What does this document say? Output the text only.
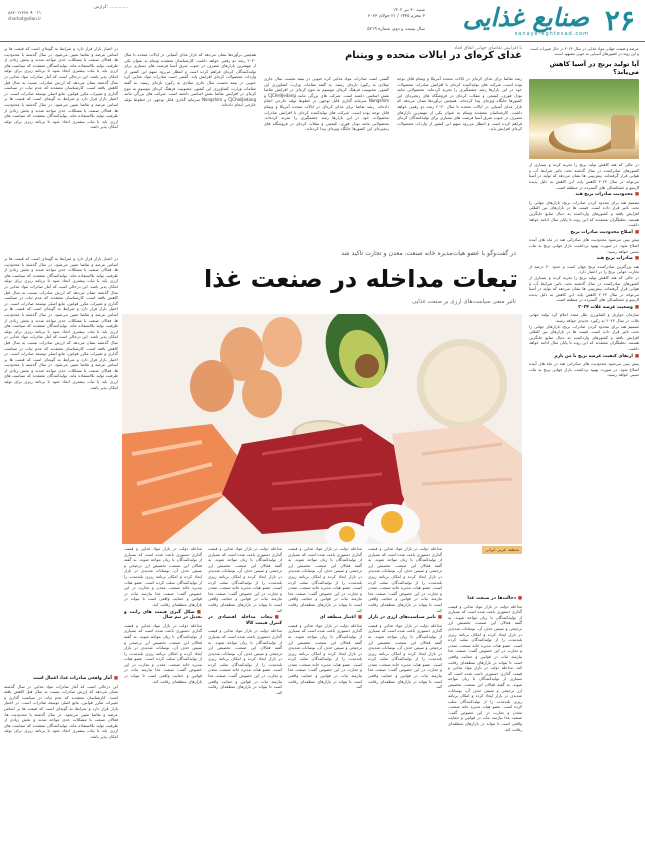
۲۶
صنایع غذایی
sanaye-eghtesad.com
شنبه ۳۰ تیر ۱۴۰۲
۳ محرم ۱۴۴۵ / ۲۱ جولای ۲۰۲۳
سال بیست و دوم، شماره ۵۲۱۹
گزارش: ..............
۸۸۷۰۱۲۷۶۸ ⁕ ۰۲۱
sharkat@dian.ir
عرضه و قیمت جهانی مواد غذایی در سال ۲۰۲۴ در حال تغییرات است و این روند در کشورهای آسیایی به خوبی مشهود است.
آیا تولید برنج در آسیا کاهش می‌یابد؟
در حالی که هند کاهش تولید برنج را تجربه کرده و بسیاری از کشورهای صادرکننده در سال گذشته تحت تاثیر شرایط آب و هوایی قرار گرفته‌اند، پیش‌بینی ها نشان می‌دهد که تولید در آسیا می‌تواند در سال ۲۰۲۴ کاهش یابد. این کاهش به دلیل پدیده ال‌نینو و خشکسالی های گسترده در منطقه است.
■محدودیت صادرات برنج هند
تصمیم هند برای محدود کردن صادرات برنج، بازارهای جهانی را تحت تاثیر قرار داده است. قیمت ها در بازارهای بین المللی افزایش یافته و کشورهای واردکننده به دنبال منابع جایگزین هستند. تحلیلگران معتقدند که این روند تا پایان سال ادامه خواهد داشت.
■اصلاح محدودیت صادرات برنج
پیش بینی می‌شود محدودیت های صادراتی هند در ماه های آینده اصلاح شود. در صورت بهبود برداشت، بازار جهانی برنج به ثبات نسبی خواهد رسید.
■صادرات برنج هند
هند بزرگترین صادرکننده برنج جهان است و حدود ۴۰ درصد از تجارت جهانی برنج را در اختیار دارد.
در حالی که هند کاهش تولید برنج را تجربه کرده و بسیاری از کشورهای صادرکننده در سال گذشته تحت تاثیر شرایط آب و هوایی قرار گرفته‌اند، پیش‌بینی ها نشان می‌دهد که تولید در آسیا می‌تواند در سال ۲۰۲۴ کاهش یابد. این کاهش به دلیل پدیده ال‌نینو و خشکسالی های گسترده در منطقه است.
■وضعیت عرضه غلات ۲۰۲۴
سازمان خواربار و کشاورزی ملل متحد اعلام کرد تولید جهانی غلات در سال ۲۰۲۴ به رکورد جدیدی خواهد رسید.
تصمیم هند برای محدود کردن صادرات برنج، بازارهای جهانی را تحت تاثیر قرار داده است. قیمت ها در بازارهای بین المللی افزایش یافته و کشورهای واردکننده به دنبال منابع جایگزین هستند. تحلیلگران معتقدند که این روند تا پایان سال ادامه خواهد داشت.
■ارتقای کیفیت عرضه برنج با من بازم
پیش بینی می‌شود محدودیت های صادراتی هند در ماه های آینده اصلاح شود. در صورت بهبود برداشت، بازار جهانی برنج به ثبات نسبی خواهد رسید.
با افزایش تقاضای جهانی اتفاق افتاد
غذای کره‌ای در ایالات متحده و ویتنام
رشد تقاضا برای غذای کره‌ای در ایالات متحده آمریکا و ویتنام قابل توجه بوده است. شرکت های تولیدکننده کره‌ای با افزایش صادرات محصولات خود در این بازارها رشد چشمگیری را تجربه کرده‌اند. محصولاتی مانند نودل فوری، کیمچی و تنقلات کره‌ای در فروشگاه های زنجیره‌ای این کشورها جایگاه ویژه‌ای پیدا کرده‌اند. همچنین برآوردها نشان می‌دهد که بازار غذای آسیایی در ایالات متحده تا سال ۲۰۳۰ رشد دو رقمی خواهد داشت. کارشناسان معتقدند ویتنام به عنوان یکی از مهمترین بازارهای مصرف در جنوب شرق آسیا فرصت های بسیاری برای تولیدکنندگان کره‌ای فراهم کرده است و انتظار می‌رود سهم این کشور از واردات محصولات کره‌ای افزایش یابد.
گفتنی است صادرات مواد غذایی کره جنوبی در نیمه نخست سال جاری میلادی به رکورد تازه‌ای رسید. به گفته مقامات وزارت کشاورزی این کشور، محبوبیت فرهنگ کره‌ای موسوم به موج کره‌ای در افزایش تقاضا نقش اساسی داشته است. شرکت های بزرگی مانند CJCheilJedang و Nongshim سرمایه گذاری قابل توجهی در خطوط تولید خارجی انجام داده‌اند. رشد تقاضا برای غذای کره‌ای در ایالات متحده آمریکا و ویتنام قابل توجه بوده است. شرکت های تولیدکننده کره‌ای با افزایش صادرات محصولات خود در این بازارها رشد چشمگیری را تجربه کرده‌اند. محصولاتی مانند نودل فوری، کیمچی و تنقلات کره‌ای در فروشگاه های زنجیره‌ای این کشورها جایگاه ویژه‌ای پیدا کرده‌اند.
همچنین برآوردها نشان می‌دهد که بازار غذای آسیایی در ایالات متحده تا سال ۲۰۳۰ رشد دو رقمی خواهد داشت. کارشناسان معتقدند ویتنام به عنوان یکی از مهمترین بازارهای مصرف در جنوب شرق آسیا فرصت های بسیاری برای تولیدکنندگان کره‌ای فراهم کرده است و انتظار می‌رود سهم این کشور از واردات محصولات کره‌ای افزایش یابد. گفتنی است صادرات مواد غذایی کره جنوبی در نیمه نخست سال جاری میلادی به رکورد تازه‌ای رسید. به گفته مقامات وزارت کشاورزی این کشور، محبوبیت فرهنگ کره‌ای موسوم به موج کره‌ای در افزایش تقاضا نقش اساسی داشته است. شرکت های بزرگی مانند CJCheilJedang و Nongshim سرمایه گذاری قابل توجهی در خطوط تولید خارجی انجام داده‌اند.
در اختیار بازار قرار دارد و شرایط به گونه‌ای است که قیمت ها بر اساس عرضه و تقاضا تعیین می‌شود. در سال گذشته با محدودیت ها، فعالان صنعت با مشکلات جدی مواجه شدند و بخش زیادی از ظرفیت تولید بلااستفاده ماند. تولیدکنندگان معتقدند که سیاست های ارزی باید با ثبات بیشتری اتخاذ شود تا برنامه ریزی برای تولید امکان پذیر باشد. این درحالی است که آمار صادرات مواد غذایی در سال گذشته نشان می‌دهد که ارزش صادرات نسبت به سال قبل کاهش یافته است. کارشناسان معتقدند که عدم ثبات در سیاست گذاری و تغییرات مکرر قوانین، مانع اصلی توسعه صادرات است. در اختیار بازار قرار دارد و شرایط به گونه‌ای است که قیمت ها بر اساس عرضه و تقاضا تعیین می‌شود. در سال گذشته با محدودیت ها، فعالان صنعت با مشکلات جدی مواجه شدند و بخش زیادی از ظرفیت تولید بلااستفاده ماند. تولیدکنندگان معتقدند که سیاست های ارزی باید با ثبات بیشتری اتخاذ شود تا برنامه ریزی برای تولید امکان پذیر باشد.
در اختیار بازار قرار دارد و شرایط به گونه‌ای است که قیمت ها بر اساس عرضه و تقاضا تعیین می‌شود. در سال گذشته با محدودیت ها، فعالان صنعت با مشکلات جدی مواجه شدند و بخش زیادی از ظرفیت تولید بلااستفاده ماند. تولیدکنندگان معتقدند که سیاست های ارزی باید با ثبات بیشتری اتخاذ شود تا برنامه ریزی برای تولید امکان پذیر باشد. این درحالی است که آمار صادرات مواد غذایی در سال گذشته نشان می‌دهد که ارزش صادرات نسبت به سال قبل کاهش یافته است. کارشناسان معتقدند که عدم ثبات در سیاست گذاری و تغییرات مکرر قوانین، مانع اصلی توسعه صادرات است. در اختیار بازار قرار دارد و شرایط به گونه‌ای است که قیمت ها بر اساس عرضه و تقاضا تعیین می‌شود. در سال گذشته با محدودیت ها، فعالان صنعت با مشکلات جدی مواجه شدند و بخش زیادی از ظرفیت تولید بلااستفاده ماند. تولیدکنندگان معتقدند که سیاست های ارزی باید با ثبات بیشتری اتخاذ شود تا برنامه ریزی برای تولید امکان پذیر باشد. این درحالی است که آمار صادرات مواد غذایی در سال گذشته نشان می‌دهد که ارزش صادرات نسبت به سال قبل کاهش یافته است. کارشناسان معتقدند که عدم ثبات در سیاست گذاری و تغییرات مکرر قوانین، مانع اصلی توسعه صادرات است. در اختیار بازار قرار دارد و شرایط به گونه‌ای است که قیمت ها بر اساس عرضه و تقاضا تعیین می‌شود. در سال گذشته با محدودیت ها، فعالان صنعت با مشکلات جدی مواجه شدند و بخش زیادی از ظرفیت تولید بلااستفاده ماند. تولیدکنندگان معتقدند که سیاست های ارزی باید با ثبات بیشتری اتخاذ شود تا برنامه ریزی برای تولید امکان پذیر باشد.
■آمار واقعی صادرات غذا، اعمال است
این درحالی است که آمار صادرات مواد غذایی در سال گذشته نشان می‌دهد که ارزش صادرات نسبت به سال قبل کاهش یافته است. کارشناسان معتقدند که عدم ثبات در سیاست گذاری و تغییرات مکرر قوانین، مانع اصلی توسعه صادرات است. در اختیار بازار قرار دارد و شرایط به گونه‌ای است که قیمت ها بر اساس عرضه و تقاضا تعیین می‌شود. در سال گذشته با محدودیت ها، فعالان صنعت با مشکلات جدی مواجه شدند و بخش زیادی از ظرفیت تولید بلااستفاده ماند. تولیدکنندگان معتقدند که سیاست های ارزی باید با ثبات بیشتری اتخاذ شود تا برنامه ریزی برای تولید امکان پذیر باشد.
در گفت‌وگو با عضو هیات‌مدیره خانه صنعت، معدن و تجارت تاکید شد
تبعات مداخله در صنعت غذا
تاثیر منفی سیاست‌های ارزی بر صنعت غذایی
منطقه عربی ایرانی
■دخالت‌ها در صنعت غذا
مداخله دولت در بازار مواد غذایی و قیمت گذاری دستوری باعث شده است که بسیاری از تولیدکنندگان با زیان مواجه شوند. به گفته فعالان این صنعت، تخصیص ارز ترجیحی و سپس حذف آن، نوسانات شدیدی در بازار ایجاد کرده و امکان برنامه ریزی بلندمدت را از تولیدکنندگان سلب کرده است. عضو هیات مدیره خانه صنعت، معدن و تجارت در این خصوص گفت: صنعت غذا نیازمند ثبات در قوانین و حمایت واقعی است تا بتواند در بازارهای منطقه‌ای رقابت کند. مداخله دولت در بازار مواد غذایی و قیمت گذاری دستوری باعث شده است که بسیاری از تولیدکنندگان با زیان مواجه شوند. به گفته فعالان این صنعت، تخصیص ارز ترجیحی و سپس حذف آن، نوسانات شدیدی در بازار ایجاد کرده و امکان برنامه ریزی بلندمدت را از تولیدکنندگان سلب کرده است. عضو هیات مدیره خانه صنعت، معدن و تجارت در این خصوص گفت: صنعت غذا نیازمند ثبات در قوانین و حمایت واقعی است تا بتواند در بازارهای منطقه‌ای رقابت کند.
مداخله دولت در بازار مواد غذایی و قیمت گذاری دستوری باعث شده است که بسیاری از تولیدکنندگان با زیان مواجه شوند. به گفته فعالان این صنعت، تخصیص ارز ترجیحی و سپس حذف آن، نوسانات شدیدی در بازار ایجاد کرده و امکان برنامه ریزی بلندمدت را از تولیدکنندگان سلب کرده است. عضو هیات مدیره خانه صنعت، معدن و تجارت در این خصوص گفت: صنعت غذا نیازمند ثبات در قوانین و حمایت واقعی است تا بتواند در بازارهای منطقه‌ای رقابت کند.
■تاثیر سیاست‌های ارزی در بازار
مداخله دولت در بازار مواد غذایی و قیمت گذاری دستوری باعث شده است که بسیاری از تولیدکنندگان با زیان مواجه شوند. به گفته فعالان این صنعت، تخصیص ارز ترجیحی و سپس حذف آن، نوسانات شدیدی در بازار ایجاد کرده و امکان برنامه ریزی بلندمدت را از تولیدکنندگان سلب کرده است. عضو هیات مدیره خانه صنعت، معدن و تجارت در این خصوص گفت: صنعت غذا نیازمند ثبات در قوانین و حمایت واقعی است تا بتواند در بازارهای منطقه‌ای رقابت کند.
مداخله دولت در بازار مواد غذایی و قیمت گذاری دستوری باعث شده است که بسیاری از تولیدکنندگان با زیان مواجه شوند. به گفته فعالان این صنعت، تخصیص ارز ترجیحی و سپس حذف آن، نوسانات شدیدی در بازار ایجاد کرده و امکان برنامه ریزی بلندمدت را از تولیدکنندگان سلب کرده است. عضو هیات مدیره خانه صنعت، معدن و تجارت در این خصوص گفت: صنعت غذا نیازمند ثبات در قوانین و حمایت واقعی است تا بتواند در بازارهای منطقه‌ای رقابت کند.
■اعتبار منطقه ای
مداخله دولت در بازار مواد غذایی و قیمت گذاری دستوری باعث شده است که بسیاری از تولیدکنندگان با زیان مواجه شوند. به گفته فعالان این صنعت، تخصیص ارز ترجیحی و سپس حذف آن، نوسانات شدیدی در بازار ایجاد کرده و امکان برنامه ریزی بلندمدت را از تولیدکنندگان سلب کرده است. عضو هیات مدیره خانه صنعت، معدن و تجارت در این خصوص گفت: صنعت غذا نیازمند ثبات در قوانین و حمایت واقعی است تا بتواند در بازارهای منطقه‌ای رقابت کند.
مداخله دولت در بازار مواد غذایی و قیمت گذاری دستوری باعث شده است که بسیاری از تولیدکنندگان با زیان مواجه شوند. به گفته فعالان این صنعت، تخصیص ارز ترجیحی و سپس حذف آن، نوسانات شدیدی در بازار ایجاد کرده و امکان برنامه ریزی بلندمدت را از تولیدکنندگان سلب کرده است. عضو هیات مدیره خانه صنعت، معدن و تجارت در این خصوص گفت: صنعت غذا نیازمند ثبات در قوانین و حمایت واقعی است تا بتواند در بازارهای منطقه‌ای رقابت کند.
■تبعات مداخله اقتصادی در کنترل قیمت کالا
مداخله دولت در بازار مواد غذایی و قیمت گذاری دستوری باعث شده است که بسیاری از تولیدکنندگان با زیان مواجه شوند. به گفته فعالان این صنعت، تخصیص ارز ترجیحی و سپس حذف آن، نوسانات شدیدی در بازار ایجاد کرده و امکان برنامه ریزی بلندمدت را از تولیدکنندگان سلب کرده است. عضو هیات مدیره خانه صنعت، معدن و تجارت در این خصوص گفت: صنعت غذا نیازمند ثبات در قوانین و حمایت واقعی است تا بتواند در بازارهای منطقه‌ای رقابت کند.
مداخله دولت در بازار مواد غذایی و قیمت گذاری دستوری باعث شده است که بسیاری از تولیدکنندگان با زیان مواجه شوند. به گفته فعالان این صنعت، تخصیص ارز ترجیحی و سپس حذف آن، نوسانات شدیدی در بازار ایجاد کرده و امکان برنامه ریزی بلندمدت را از تولیدکنندگان سلب کرده است. عضو هیات مدیره خانه صنعت، معدن و تجارت در این خصوص گفت: صنعت غذا نیازمند ثبات در قوانین و حمایت واقعی است تا بتواند در بازارهای منطقه‌ای رقابت کند.
■شکل گیری قیمت های رانت و تعدیل در نیم سال
مداخله دولت در بازار مواد غذایی و قیمت گذاری دستوری باعث شده است که بسیاری از تولیدکنندگان با زیان مواجه شوند. به گفته فعالان این صنعت، تخصیص ارز ترجیحی و سپس حذف آن، نوسانات شدیدی در بازار ایجاد کرده و امکان برنامه ریزی بلندمدت را از تولیدکنندگان سلب کرده است. عضو هیات مدیره خانه صنعت، معدن و تجارت در این خصوص گفت: صنعت غذا نیازمند ثبات در قوانین و حمایت واقعی است تا بتواند در بازارهای منطقه‌ای رقابت کند.
